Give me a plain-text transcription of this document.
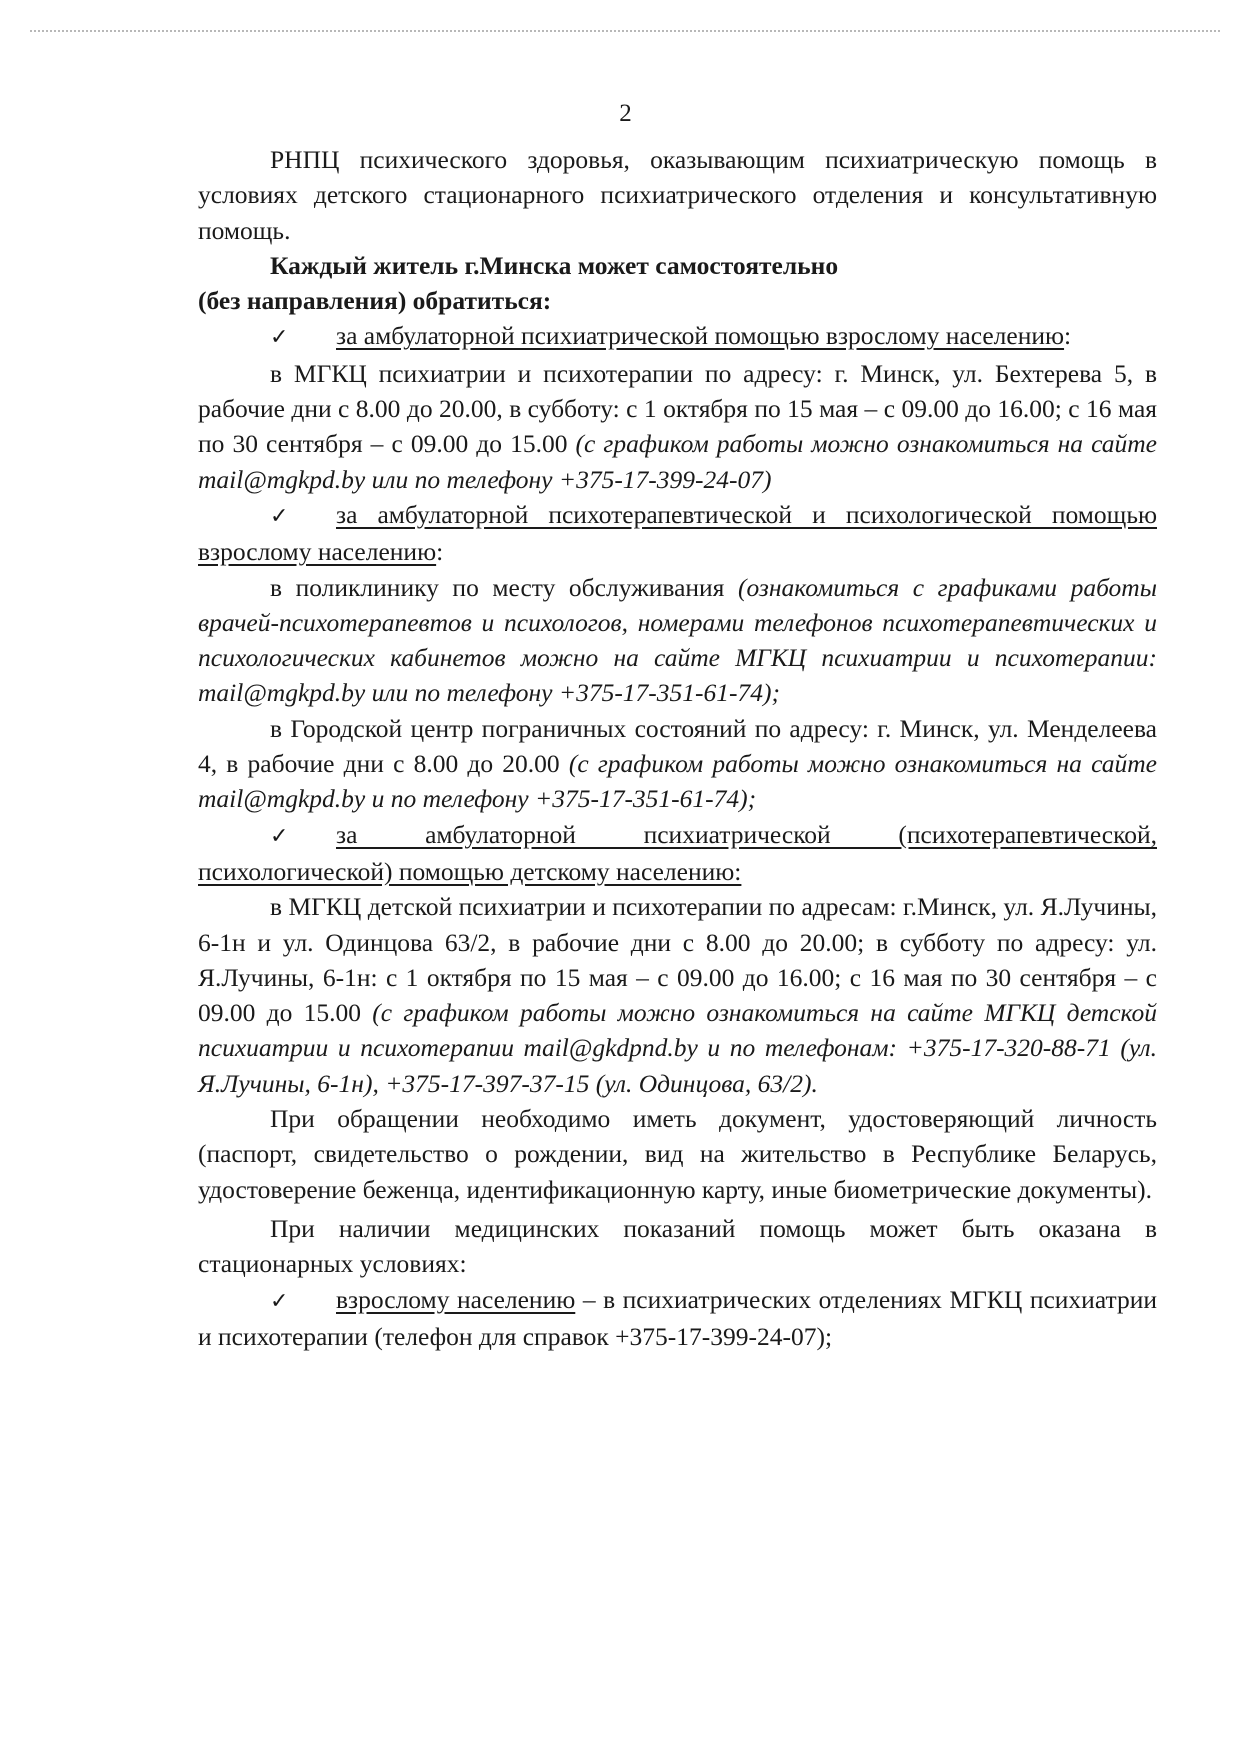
2

РНПЦ психического здоровья, оказывающим психиатрическую помощь в условиях детского стационарного психиатрического отделения и консультативную помощь.

Каждый житель г.Минска может самостоятельно

(без направления) обратиться:

✓ за амбулаторной психиатрической помощью взрослому населению:

в МГКЦ психиатрии и психотерапии по адресу: г. Минск, ул. Бехтерева 5, в рабочие дни с 8.00 до 20.00, в субботу: с 1 октября по 15 мая – с 09.00 до 16.00; с 16 мая по 30 сентября – с 09.00 до 15.00 (с графиком работы можно ознакомиться на сайте mail@mgkpd.by или по телефону +375-17-399-24-07)

✓ за амбулаторной психотерапевтической и психологической помощью взрослому населению:

в поликлинику по месту обслуживания (ознакомиться с графиками работы врачей-психотерапевтов и психологов, номерами телефонов психотерапевтических и психологических кабинетов можно на сайте МГКЦ психиатрии и психотерапии: mail@mgkpd.by или по телефону +375-17-351-61-74);

в Городской центр пограничных состояний по адресу: г. Минск, ул. Менделеева 4, в рабочие дни с 8.00 до 20.00 (с графиком работы можно ознакомиться на сайте mail@mgkpd.by и по телефону +375-17-351-61-74);

✓ за амбулаторной психиатрической (психотерапевтической, психологической) помощью детскому населению:

в МГКЦ детской психиатрии и психотерапии по адресам: г.Минск, ул. Я.Лучины, 6-1н и ул. Одинцова 63/2, в рабочие дни с 8.00 до 20.00; в субботу по адресу: ул. Я.Лучины, 6-1н: с 1 октября по 15 мая – с 09.00 до 16.00; с 16 мая по 30 сентября – с 09.00 до 15.00 (с графиком работы можно ознакомиться на сайте МГКЦ детской психиатрии и психотерапии mail@gkdpnd.by и по телефонам: +375-17-320-88-71 (ул. Я.Лучины, 6-1н), +375-17-397-37-15 (ул. Одинцова, 63/2).

При обращении необходимо иметь документ, удостоверяющий личность (паспорт, свидетельство о рождении, вид на жительство в Республике Беларусь, удостоверение беженца, идентификационную карту, иные биометрические документы).

При наличии медицинских показаний помощь может быть оказана в стационарных условиях:

✓ взрослому населению – в психиатрических отделениях МГКЦ психиатрии и психотерапии (телефон для справок +375-17-399-24-07);
